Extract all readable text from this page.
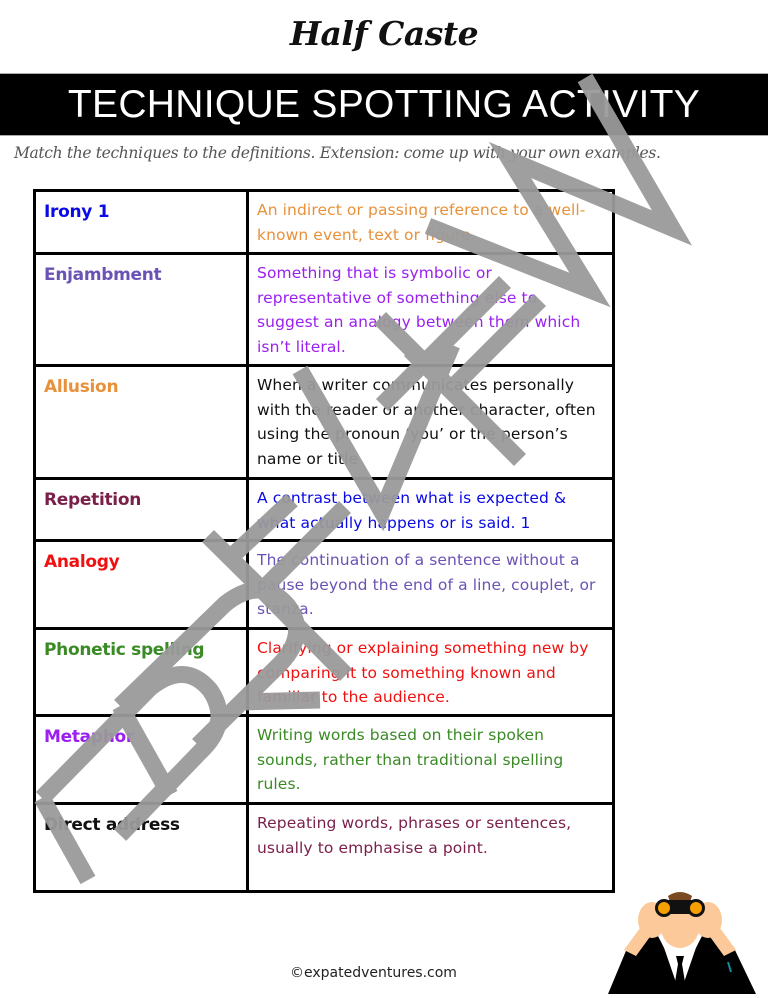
Half Caste
TECHNIQUE SPOTTING ACTIVITY
Match the techniques to the definitions. Extension: come up with your own examples.
Irony 1	An indirect or passing reference to a well-known event, text or figure.
Enjambment	Something that is symbolic or representative of something else to suggest an analogy between them which isn’t literal.
Allusion	When a writer communicates personally with the reader or another character, often using the pronoun ‘you’ or the person’s name or title
Repetition	A contrast between what is expected & what actually happens or is said. 1
Analogy	The continuation of a sentence without a pause beyond the end of a line, couplet, or stanza.
Phonetic spelling	Clarifying or explaining something new by comparing it to something known and familiar to the audience.
Metaphor	Writing words based on their spoken sounds, rather than traditional spelling rules.
Direct address	Repeating words, phrases or sentences, usually to emphasise a point.
©expatedventures.com
